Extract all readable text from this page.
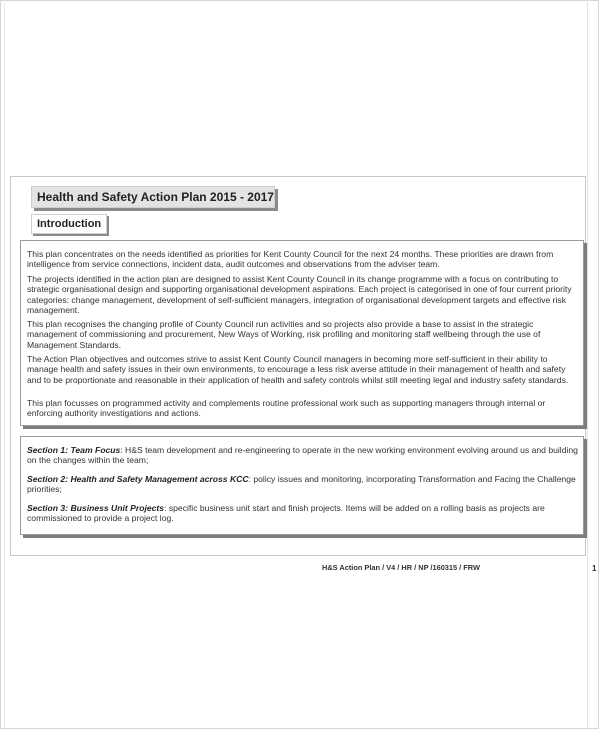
Health and Safety Action Plan 2015 - 2017
Introduction
This plan concentrates on the needs identified as priorities for Kent County Council for the next 24 months. These priorities are drawn from intelligence from service connections, incident data, audit outcomes and observations from the adviser team.
The projects identified in the action plan are designed to assist Kent County Council in its change programme with a focus on contributing to strategic organisational design and supporting organisational development aspirations. Each project is categorised in one of four current priority categories: change management, development of self-sufficient managers, integration of organisational development targets and effective risk management.
This plan recognises the changing profile of County Council run activities and so projects also provide a base to assist in the strategic management of commissioning and procurement, New Ways of Working, risk profiling and monitoring staff wellbeing through the use of Management Standards.
The Action Plan objectives and outcomes strive to assist Kent County Council managers in becoming more self-sufficient in their ability to manage health and safety issues in their own environments, to encourage a less risk averse attitude in their management of health and safety and to be proportionate and reasonable in their application of health and safety controls whilst still meeting legal and industry safety standards.
This plan focusses on programmed activity and complements routine professional work such as supporting managers through internal or enforcing authority investigations and actions.
Section 1: Team Focus: H&S team development and re-engineering to operate in the new working environment evolving around us and building on the changes within the team;
Section 2: Health and Safety Management across KCC: policy issues and monitoring, incorporating Transformation and Facing the Challenge priorities;
Section 3: Business Unit Projects: specific business unit start and finish projects. Items will be added on a rolling basis as projects are commissioned to provide a project log.
H&S Action Plan / V4 / HR / NP /160315 / FRW	1
